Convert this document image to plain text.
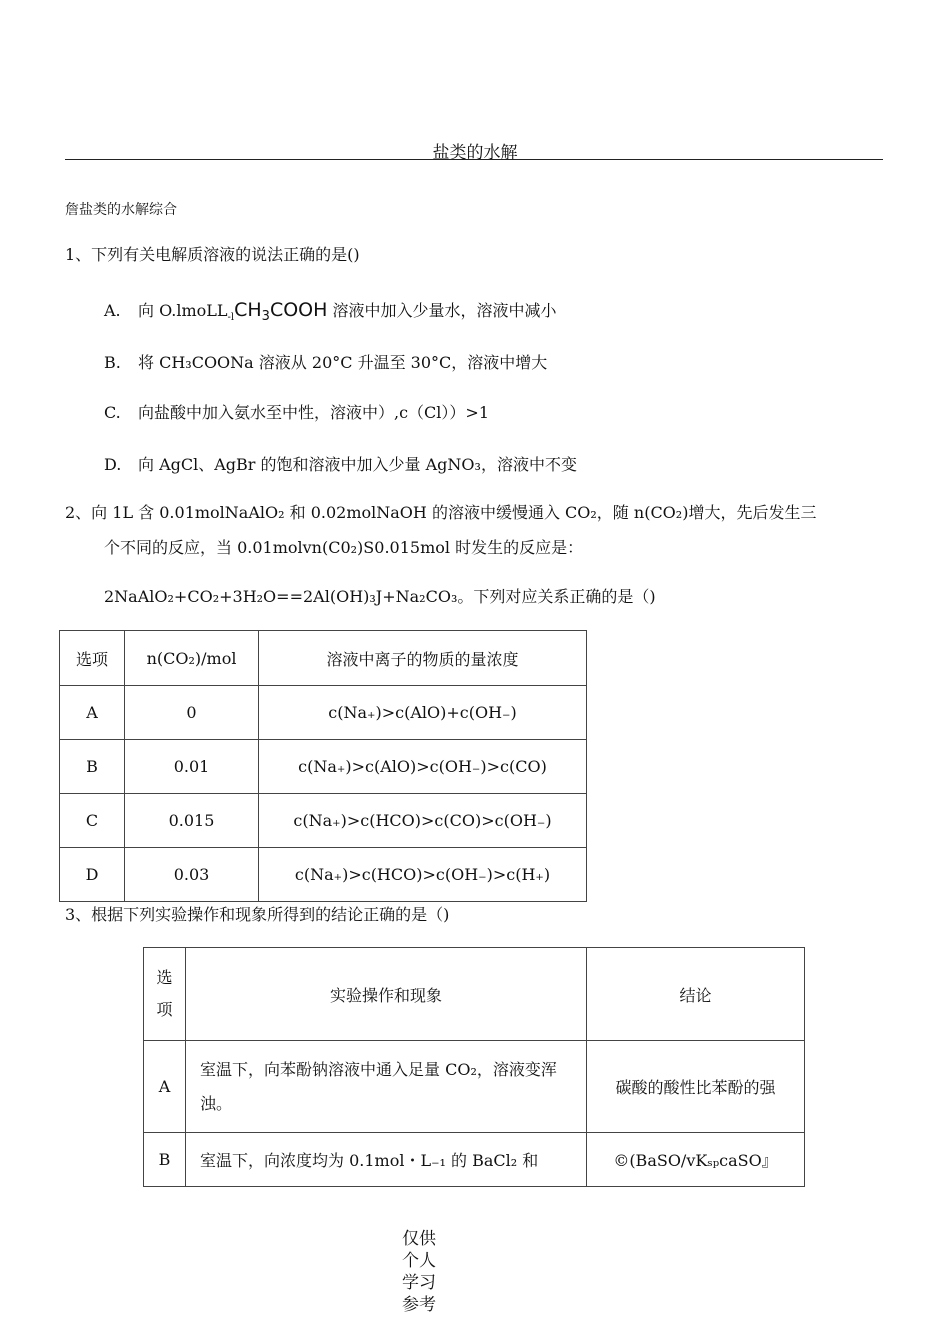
盐类的水解
詹盐类的水解综合
1、下列有关电解质溶液的说法正确的是()
A. 向 $O.lmoLL_{-l}CH_3COOH$ 溶液中加入少量水，溶液中减小
B. 将 CH₃COONa 溶液从 20°C 升温至 30°C，溶液中增大
C. 向盐酸中加入氨水至中性，溶液中）,c（Cl））>1
D. 向 AgCl、AgBr 的饱和溶液中加入少量 AgNO₃，溶液中不变
2、向 1L 含 0.01molNaAlO₂ 和 0.02molNaOH 的溶液中缓慢通入 CO₂，随 n(CO₂)增大，先后发生三
个不同的反应，当 0.01molvn(C0₂)S0.015mol 时发生的反应是：
2NaAlO₂+CO₂+3H₂O==2Al(OH)₃J+Na₂CO₃。下列对应关系正确的是（)
选项	n(CO₂)/mol	溶液中离子的物质的量浓度
A	0	c(Na₊)>c(AlO)+c(OH₋)
B	0.01	c(Na₊)>c(AlO)>c(OH₋)>c(CO)
C	0.015	c(Na₊)>c(HCO)>c(CO)>c(OH₋)
D	0.03	c(Na₊)>c(HCO)>c(OH₋)>c(H₊)
3、根据下列实验操作和现象所得到的结论正确的是（)
选项	实验操作和现象	结论
A	室温下，向苯酚钠溶液中通入足量 CO₂，溶液变浑浊。	碳酸的酸性比苯酚的强
B	室温下，向浓度均为 0.1mol・L₋₁ 的 BaCl₂ 和	©(BaSO/vKₛₚcaSO』
仅供个人学习参考
